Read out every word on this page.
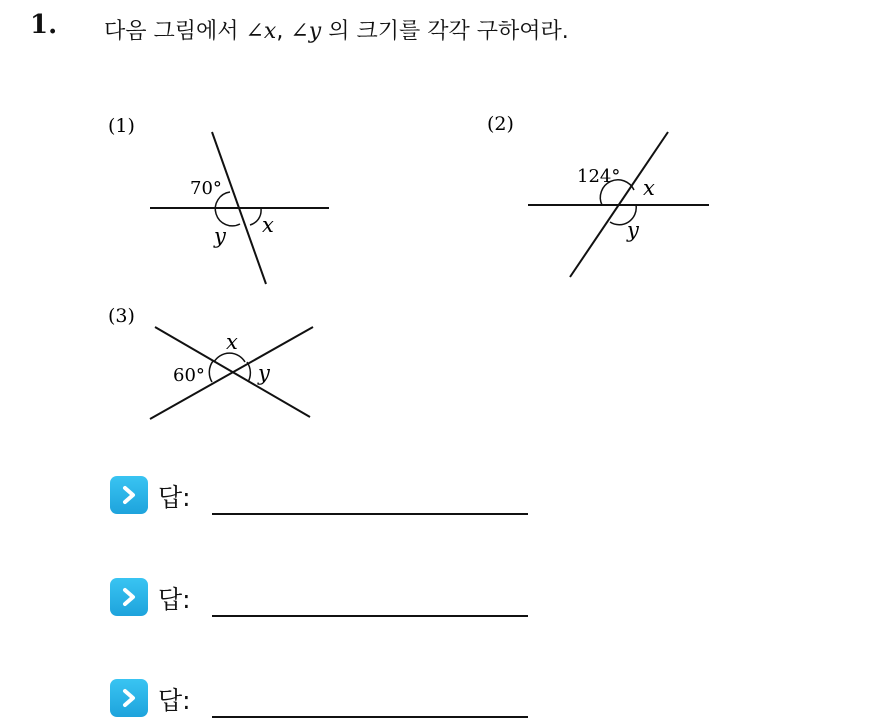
1. 다음 그림에서 ∠x, ∠y 의 크기를 각각 구하여라.
(1)
70°
x
y
(2)
124° x
y
(3)
60°
x
y
답:
답:
답:
